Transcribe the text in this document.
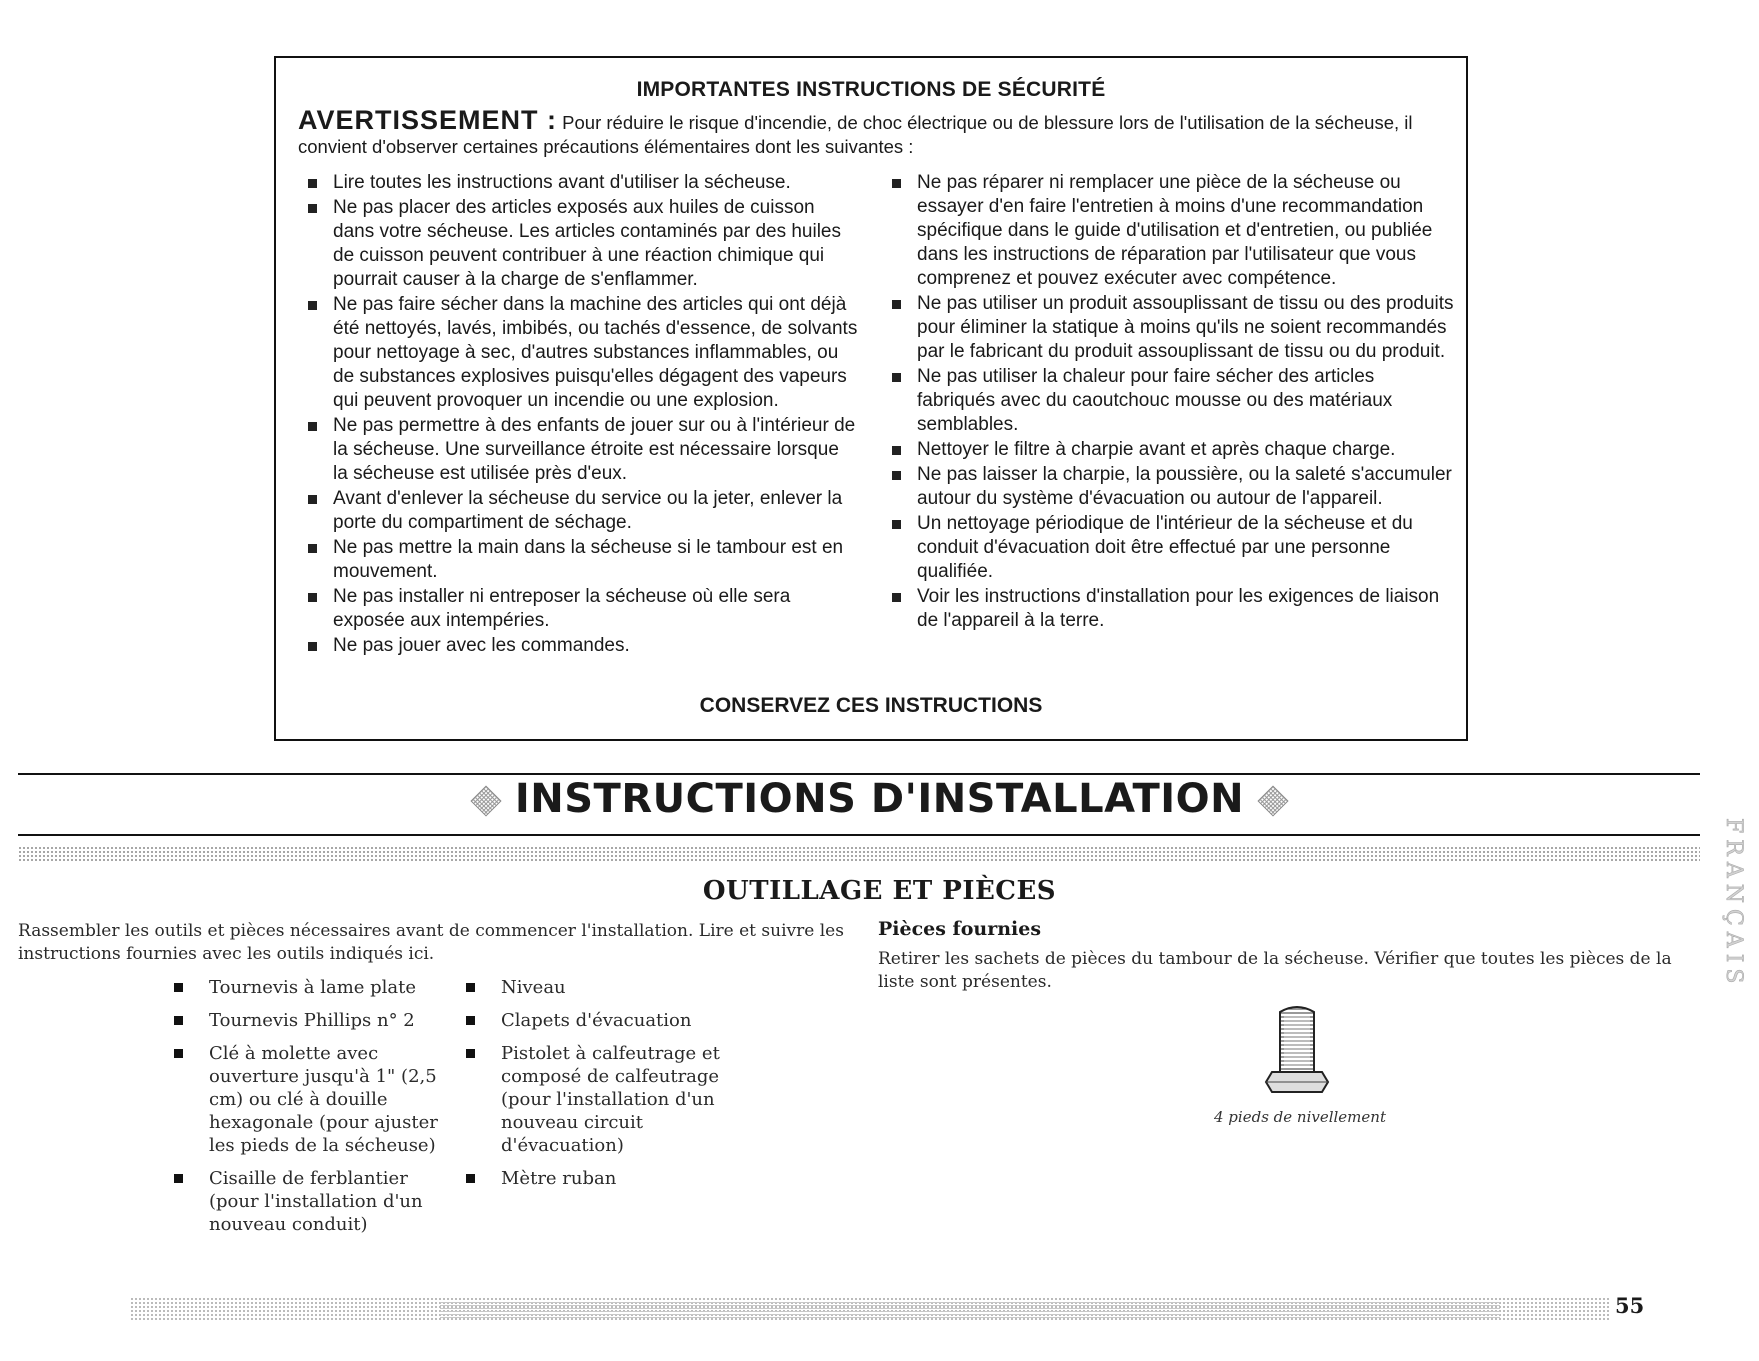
IMPORTANTES INSTRUCTIONS DE SÉCURITÉ
AVERTISSEMENT : Pour réduire le risque d'incendie, de choc électrique ou de blessure lors de l'utilisation de la sécheuse, il convient d'observer certaines précautions élémentaires dont les suivantes :
Lire toutes les instructions avant d'utiliser la sécheuse.
Ne pas placer des articles exposés aux huiles de cuisson dans votre sécheuse. Les articles contaminés par des huiles de cuisson peuvent contribuer à une réaction chimique qui pourrait causer à la charge de s'enflammer.
Ne pas faire sécher dans la machine des articles qui ont déjà été nettoyés, lavés, imbibés, ou tachés d'essence, de solvants pour nettoyage à sec, d'autres substances inflammables, ou de substances explosives puisqu'elles dégagent des vapeurs qui peuvent provoquer un incendie ou une explosion.
Ne pas permettre à des enfants de jouer sur ou à l'intérieur de la sécheuse. Une surveillance étroite est nécessaire lorsque la sécheuse est utilisée près d'eux.
Avant d'enlever la sécheuse du service ou la jeter, enlever la porte du compartiment de séchage.
Ne pas mettre la main dans la sécheuse si le tambour est en mouvement.
Ne pas installer ni entreposer la sécheuse où elle sera exposée aux intempéries.
Ne pas jouer avec les commandes.
Ne pas réparer ni remplacer une pièce de la sécheuse ou essayer d'en faire l'entretien à moins d'une recommandation spécifique dans le guide d'utilisation et d'entretien, ou publiée dans les instructions de réparation par l'utilisateur que vous comprenez et pouvez exécuter avec compétence.
Ne pas utiliser un produit assouplissant de tissu ou des produits pour éliminer la statique à moins qu'ils ne soient recommandés par le fabricant du produit assouplissant de tissu ou du produit.
Ne pas utiliser la chaleur pour faire sécher des articles fabriqués avec du caoutchouc mousse ou des matériaux semblables.
Nettoyer le filtre à charpie avant et après chaque charge.
Ne pas laisser la charpie, la poussière, ou la saleté s'accumuler autour du système d'évacuation ou autour de l'appareil.
Un nettoyage périodique de l'intérieur de la sécheuse et du conduit d'évacuation doit être effectué par une personne qualifiée.
Voir les instructions d'installation pour les exigences de liaison de l'appareil à la terre.
CONSERVEZ CES INSTRUCTIONS
INSTRUCTIONS D'INSTALLATION
FRANÇAIS
OUTILLAGE ET PIÈCES
Rassembler les outils et pièces nécessaires avant de commencer l'installation. Lire et suivre les instructions fournies avec les outils indiqués ici.
Tournevis à lame plate
Tournevis Phillips n° 2
Clé à molette avec ouverture jusqu'à 1" (2,5 cm) ou clé à douille hexagonale (pour ajuster les pieds de la sécheuse)
Cisaille de ferblantier (pour l'installation d'un nouveau conduit)
Niveau
Clapets d'évacuation
Pistolet à calfeutrage et composé de calfeutrage (pour l'installation d'un nouveau circuit d'évacuation)
Mètre ruban
Pièces fournies
Retirer les sachets de pièces du tambour de la sécheuse. Vérifier que toutes les pièces de la liste sont présentes.
4 pieds de nivellement
55
